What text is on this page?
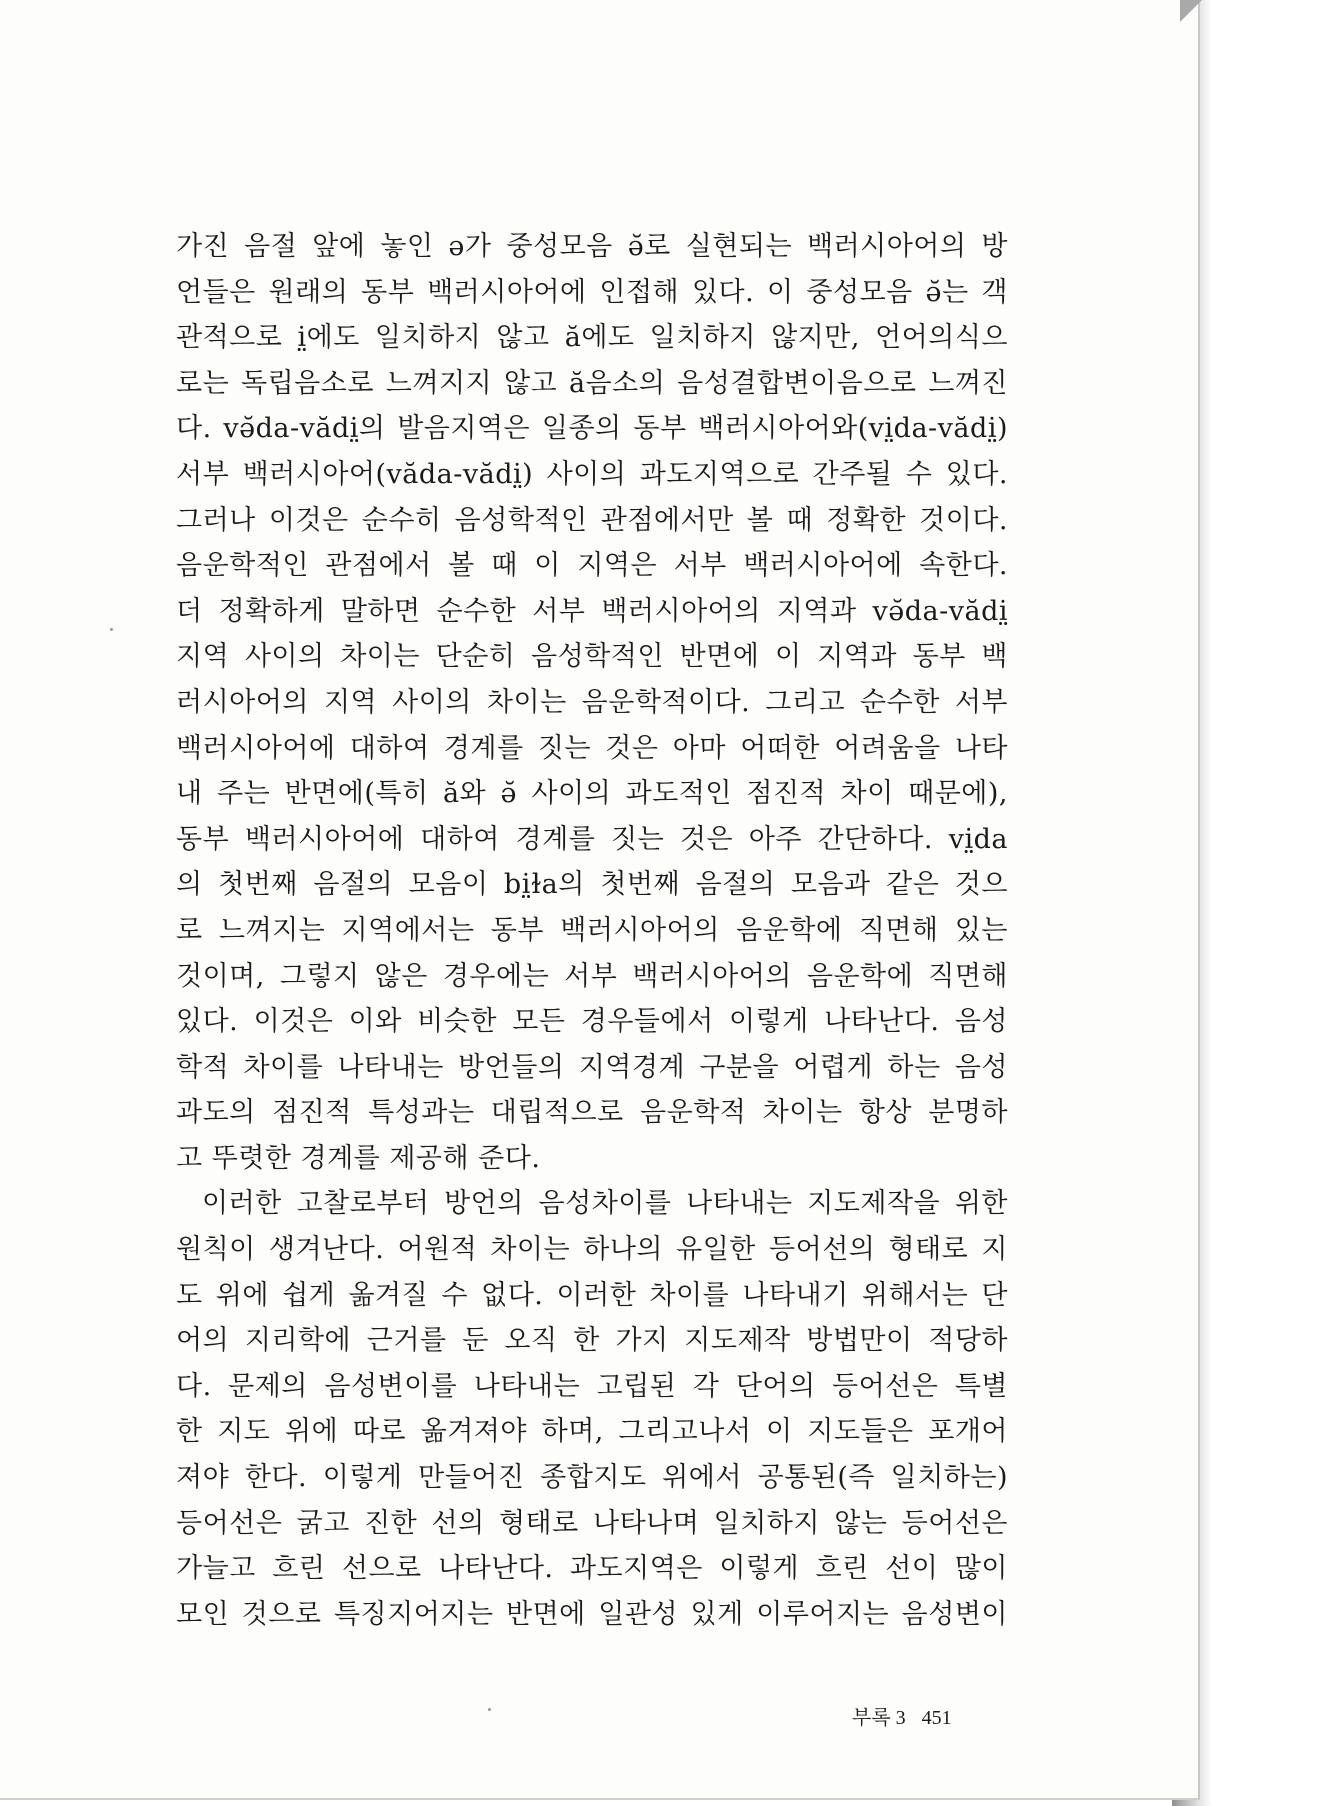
가진 음절 앞에 놓인 ə가 중성모음 ǝ̆로 실현되는 백러시아어의 방
언들은 원래의 동부 백러시아어에 인접해 있다. 이 중성모음 ǝ̆는 객
관적으로 i̤에도 일치하지 않고 ă에도 일치하지 않지만, 언어의식으
로는 독립음소로 느껴지지 않고 ă음소의 음성결합변이음으로 느껴진
다. vǝ̆da-vădi̤의 발음지역은 일종의 동부 백러시아어와(vi̤da-vădi̤)
서부 백러시아어(văda-vădi̤) 사이의 과도지역으로 간주될 수 있다.
그러나 이것은 순수히 음성학적인 관점에서만 볼 때 정확한 것이다.
음운학적인 관점에서 볼 때 이 지역은 서부 백러시아어에 속한다.
더 정확하게 말하면 순수한 서부 백러시아어의 지역과 vǝ̆da-vădi̤
지역 사이의 차이는 단순히 음성학적인 반면에 이 지역과 동부 백
러시아어의 지역 사이의 차이는 음운학적이다. 그리고 순수한 서부
백러시아어에 대하여 경계를 짓는 것은 아마 어떠한 어려움을 나타
내 주는 반면에(특히 ă와 ǝ̆ 사이의 과도적인 점진적 차이 때문에),
동부 백러시아어에 대하여 경계를 짓는 것은 아주 간단하다. vi̤da
의 첫번째 음절의 모음이 bi̤ɫa의 첫번째 음절의 모음과 같은 것으
로 느껴지는 지역에서는 동부 백러시아어의 음운학에 직면해 있는
것이며, 그렇지 않은 경우에는 서부 백러시아어의 음운학에 직면해
있다. 이것은 이와 비슷한 모든 경우들에서 이렇게 나타난다. 음성
학적 차이를 나타내는 방언들의 지역경계 구분을 어렵게 하는 음성
과도의 점진적 특성과는 대립적으로 음운학적 차이는 항상 분명하
고 뚜렷한 경계를 제공해 준다.
이러한 고찰로부터 방언의 음성차이를 나타내는 지도제작을 위한
원칙이 생겨난다. 어원적 차이는 하나의 유일한 등어선의 형태로 지
도 위에 쉽게 옮겨질 수 없다. 이러한 차이를 나타내기 위해서는 단
어의 지리학에 근거를 둔 오직 한 가지 지도제작 방법만이 적당하
다. 문제의 음성변이를 나타내는 고립된 각 단어의 등어선은 특별
한 지도 위에 따로 옮겨져야 하며, 그리고나서 이 지도들은 포개어
져야 한다. 이렇게 만들어진 종합지도 위에서 공통된(즉 일치하는)
등어선은 굵고 진한 선의 형태로 나타나며 일치하지 않는 등어선은
가늘고 흐린 선으로 나타난다. 과도지역은 이렇게 흐린 선이 많이
모인 것으로 특징지어지는 반면에 일관성 있게 이루어지는 음성변이
부록 3 451
